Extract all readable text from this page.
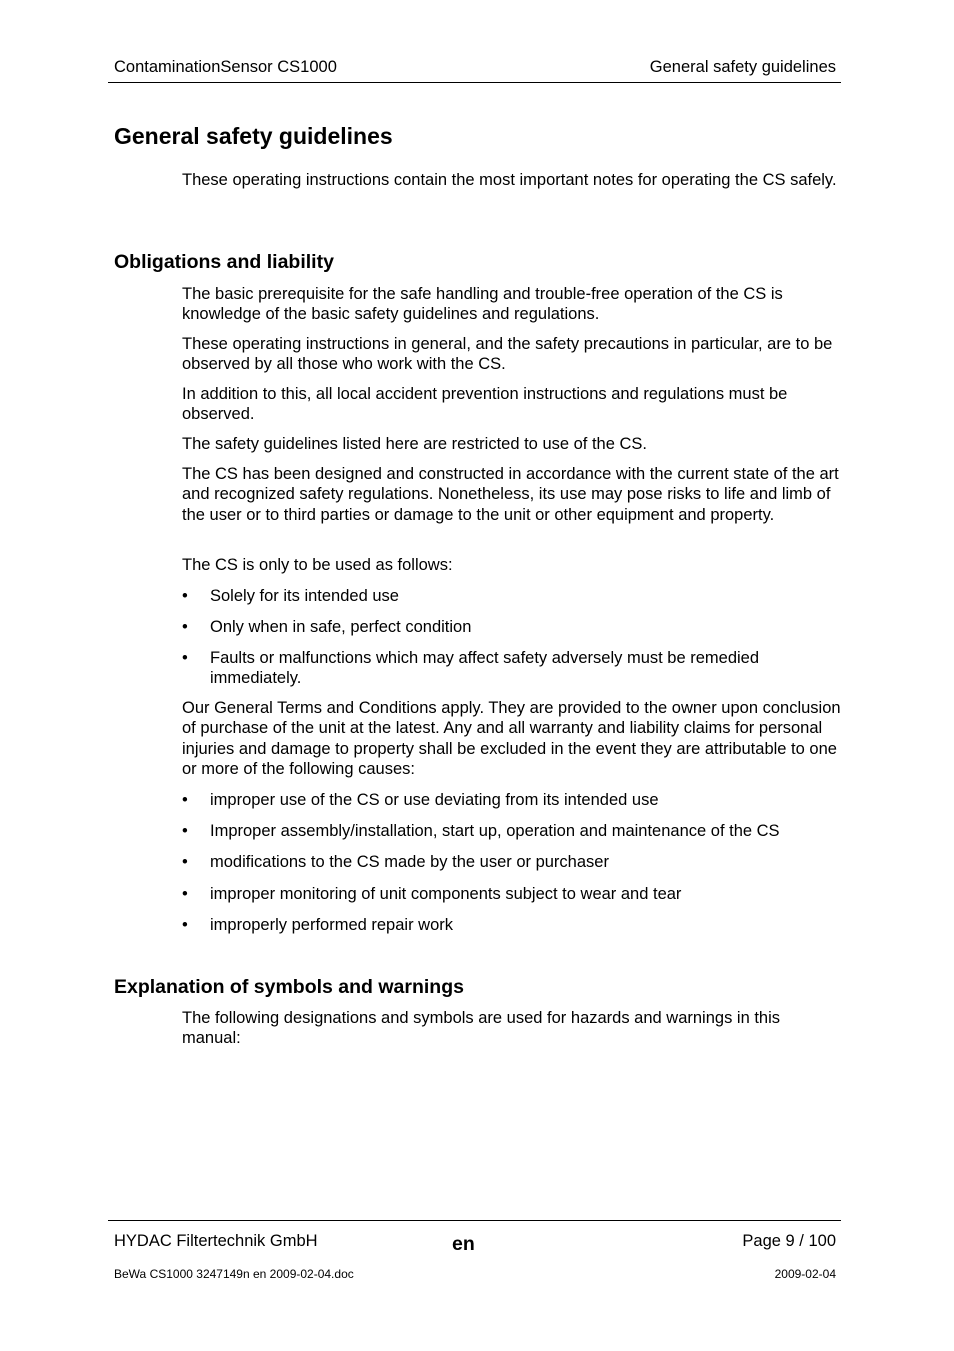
ContaminationSensor CS1000	General safety guidelines
General safety guidelines

These operating instructions contain the most important notes for operating the CS safely.

Obligations and liability

The basic prerequisite for the safe handling and trouble-free operation of the CS is knowledge of the basic safety guidelines and regulations.

These operating instructions in general, and the safety precautions in particular, are to be observed by all those who work with the CS.

In addition to this, all local accident prevention instructions and regulations must be observed.

The safety guidelines listed here are restricted to use of the CS.

The CS has been designed and constructed in accordance with the current state of the art and recognized safety regulations. Nonetheless, its use may pose risks to life and limb of the user or to third parties or damage to the unit or other equipment and property.

The CS is only to be used as follows:

• Solely for its intended use
• Only when in safe, perfect condition
• Faults or malfunctions which may affect safety adversely must be remedied immediately.

Our General Terms and Conditions apply. They are provided to the owner upon conclusion of purchase of the unit at the latest. Any and all warranty and liability claims for personal injuries and damage to property shall be excluded in the event they are attributable to one or more of the following causes:

• improper use of the CS or use deviating from its intended use
• Improper assembly/installation, start up, operation and maintenance of the CS
• modifications to the CS made by the user or purchaser
• improper monitoring of unit components subject to wear and tear
• improperly performed repair work
Explanation of symbols and warnings

The following designations and symbols are used for hazards and warnings in this manual:

HYDAC Filtertechnik GmbH	en	Page 9 / 100
BeWa CS1000 3247149n en 2009-02-04.doc	2009-02-04
